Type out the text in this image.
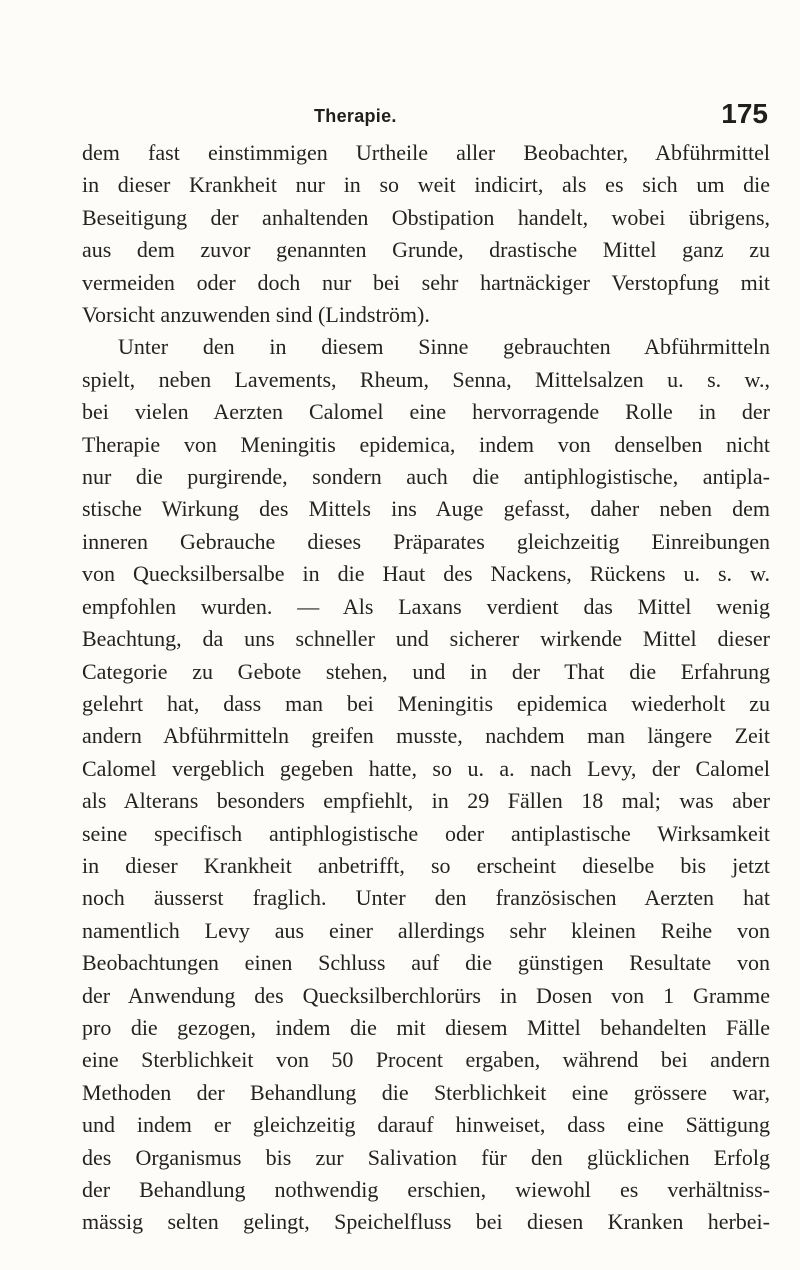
Therapie.	175
dem fast einstimmigen Urtheile aller Beobachter, Abführmittel
in dieser Krankheit nur in so weit indicirt, als es sich um die
Beseitigung der anhaltenden Obstipation handelt, wobei übrigens,
aus dem zuvor genannten Grunde, drastische Mittel ganz zu
vermeiden oder doch nur bei sehr hartnäckiger Verstopfung mit
Vorsicht anzuwenden sind (Lindström).
Unter den in diesem Sinne gebrauchten Abführmitteln
spielt, neben Lavements, Rheum, Senna, Mittelsalzen u. s. w.,
bei vielen Aerzten Calomel eine hervorragende Rolle in der
Therapie von Meningitis epidemica, indem von denselben nicht
nur die purgirende, sondern auch die antiphlogistische, antipla-
stische Wirkung des Mittels ins Auge gefasst, daher neben dem
inneren Gebrauche dieses Präparates gleichzeitig Einreibungen
von Quecksilbersalbe in die Haut des Nackens, Rückens u. s. w.
empfohlen wurden. — Als Laxans verdient das Mittel wenig
Beachtung, da uns schneller und sicherer wirkende Mittel dieser
Categorie zu Gebote stehen, und in der That die Erfahrung
gelehrt hat, dass man bei Meningitis epidemica wiederholt zu
andern Abführmitteln greifen musste, nachdem man längere Zeit
Calomel vergeblich gegeben hatte, so u. a. nach Levy, der Calomel
als Alterans besonders empfiehlt, in 29 Fällen 18 mal; was aber
seine specifisch antiphlogistische oder antiplastische Wirksamkeit
in dieser Krankheit anbetrifft, so erscheint dieselbe bis jetzt
noch äusserst fraglich. Unter den französischen Aerzten hat
namentlich Levy aus einer allerdings sehr kleinen Reihe von
Beobachtungen einen Schluss auf die günstigen Resultate von
der Anwendung des Quecksilberchlorürs in Dosen von 1 Gramme
pro die gezogen, indem die mit diesem Mittel behandelten Fälle
eine Sterblichkeit von 50 Procent ergaben, während bei andern
Methoden der Behandlung die Sterblichkeit eine grössere war,
und indem er gleichzeitig darauf hinweiset, dass eine Sättigung
des Organismus bis zur Salivation für den glücklichen Erfolg
der Behandlung nothwendig erschien, wiewohl es verhältniss-
mässig selten gelingt, Speichelfluss bei diesen Kranken herbei-
